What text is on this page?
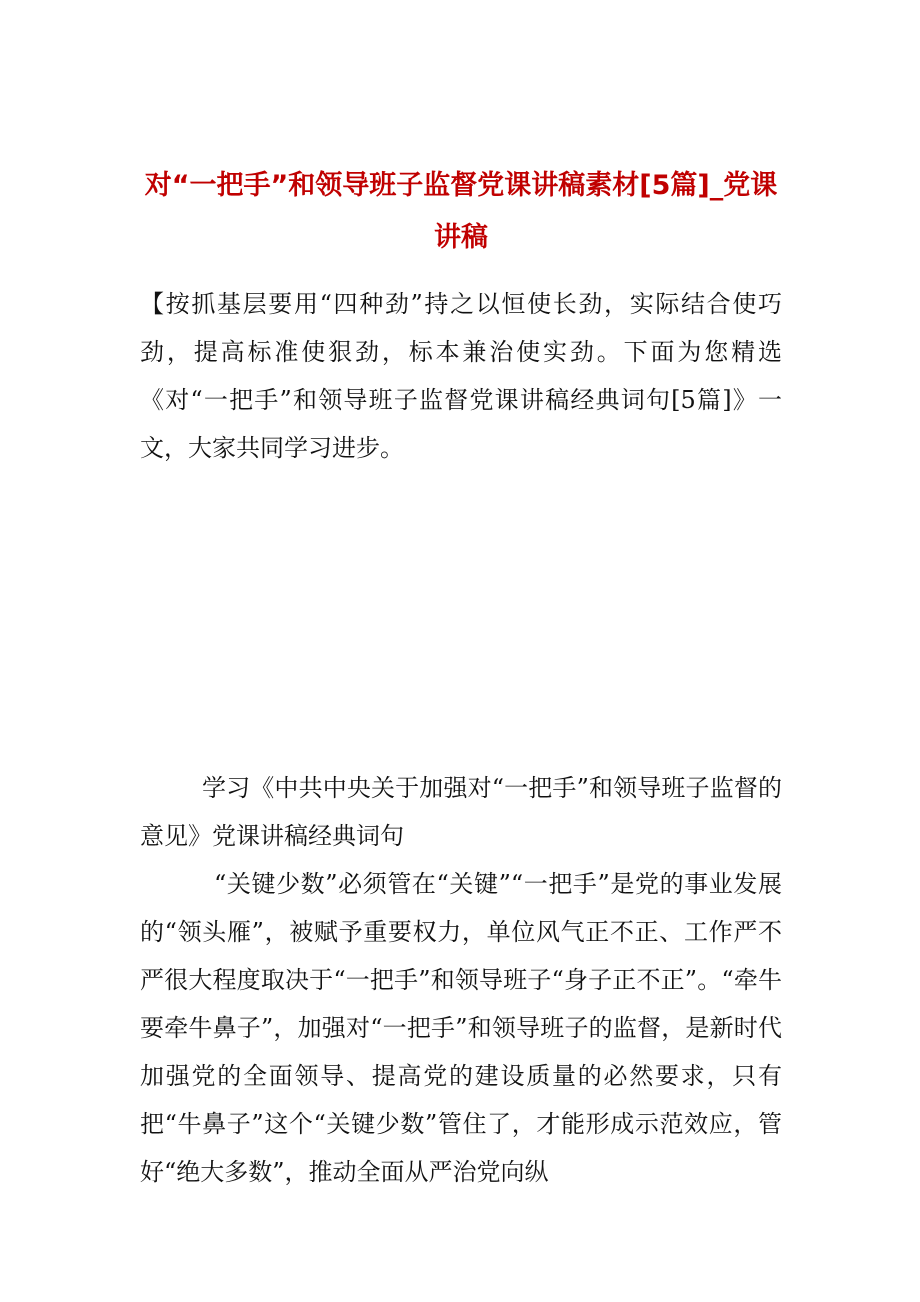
对“一把手”和领导班子监督党课讲稿素材[5篇]_党课讲稿
【按抓基层要用“四种劲”持之以恒使长劲，实际结合使巧劲，提高标准使狠劲，标本兼治使实劲。下面为您精选《对“一把手”和领导班子监督党课讲稿经典词句[5篇]》一文，大家共同学习进步。
学习《中共中央关于加强对“一把手”和领导班子监督的意见》党课讲稿经典词句
“关键少数”必须管在“关键”“一把手”是党的事业发展的“领头雁”，被赋予重要权力，单位风气正不正、工作严不严很大程度取决于“一把手”和领导班子“身子正不正”。“牵牛要牵牛鼻子”，加强对“一把手”和领导班子的监督，是新时代加强党的全面领导、提高党的建设质量的必然要求，只有把“牛鼻子”这个“关键少数”管住了，才能形成示范效应，管好“绝大多数”，推动全面从严治党向纵
